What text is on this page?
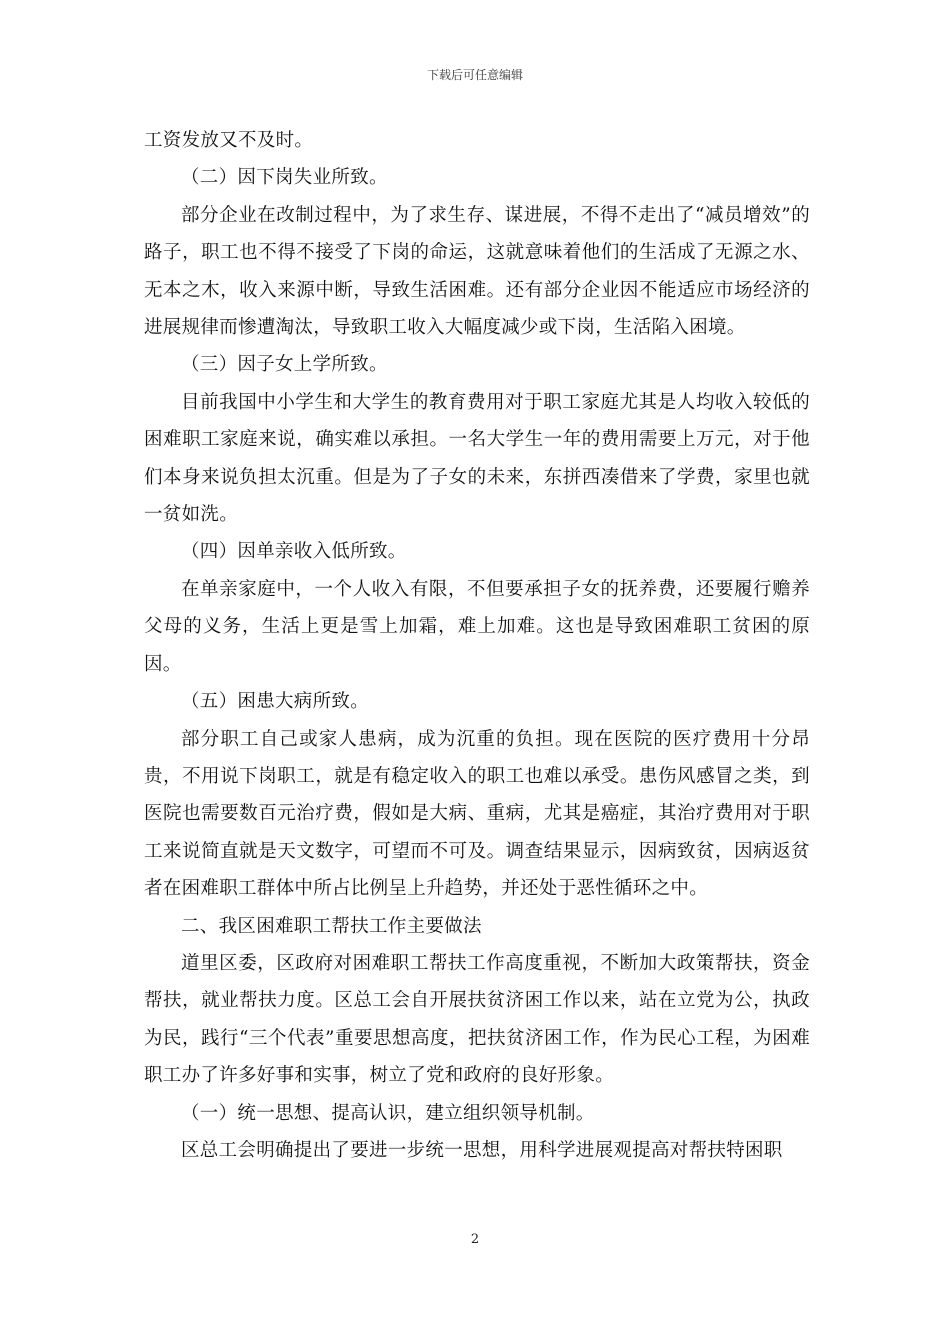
下载后可任意编辑

工资发放又不及时。

（二）因下岗失业所致。

部分企业在改制过程中，为了求生存、谋进展，不得不走出了“减员增效”的路子，职工也不得不接受了下岗的命运，这就意味着他们的生活成了无源之水、无本之木，收入来源中断，导致生活困难。还有部分企业因不能适应市场经济的进展规律而惨遭淘汰，导致职工收入大幅度减少或下岗，生活陷入困境。

（三）因子女上学所致。

目前我国中小学生和大学生的教育费用对于职工家庭尤其是人均收入较低的困难职工家庭来说，确实难以承担。一名大学生一年的费用需要上万元，对于他们本身来说负担太沉重。但是为了子女的未来，东拼西凑借来了学费，家里也就一贫如洗。

（四）因单亲收入低所致。

在单亲家庭中，一个人收入有限，不但要承担子女的抚养费，还要履行赡养父母的义务，生活上更是雪上加霜，难上加难。这也是导致困难职工贫困的原因。

（五）困患大病所致。

部分职工自己或家人患病，成为沉重的负担。现在医院的医疗费用十分昂贵，不用说下岗职工，就是有稳定收入的职工也难以承受。患伤风感冒之类，到医院也需要数百元治疗费，假如是大病、重病，尤其是癌症，其治疗费用对于职工来说简直就是天文数字，可望而不可及。调查结果显示，因病致贫，因病返贫者在困难职工群体中所占比例呈上升趋势，并还处于恶性循环之中。

二、我区困难职工帮扶工作主要做法

道里区委，区政府对困难职工帮扶工作高度重视，不断加大政策帮扶，资金帮扶，就业帮扶力度。区总工会自开展扶贫济困工作以来，站在立党为公，执政为民，践行“三个代表”重要思想高度，把扶贫济困工作，作为民心工程，为困难职工办了许多好事和实事，树立了党和政府的良好形象。

（一）统一思想、提高认识，建立组织领导机制。

区总工会明确提出了要进一步统一思想，用科学进展观提高对帮扶特困职

2
